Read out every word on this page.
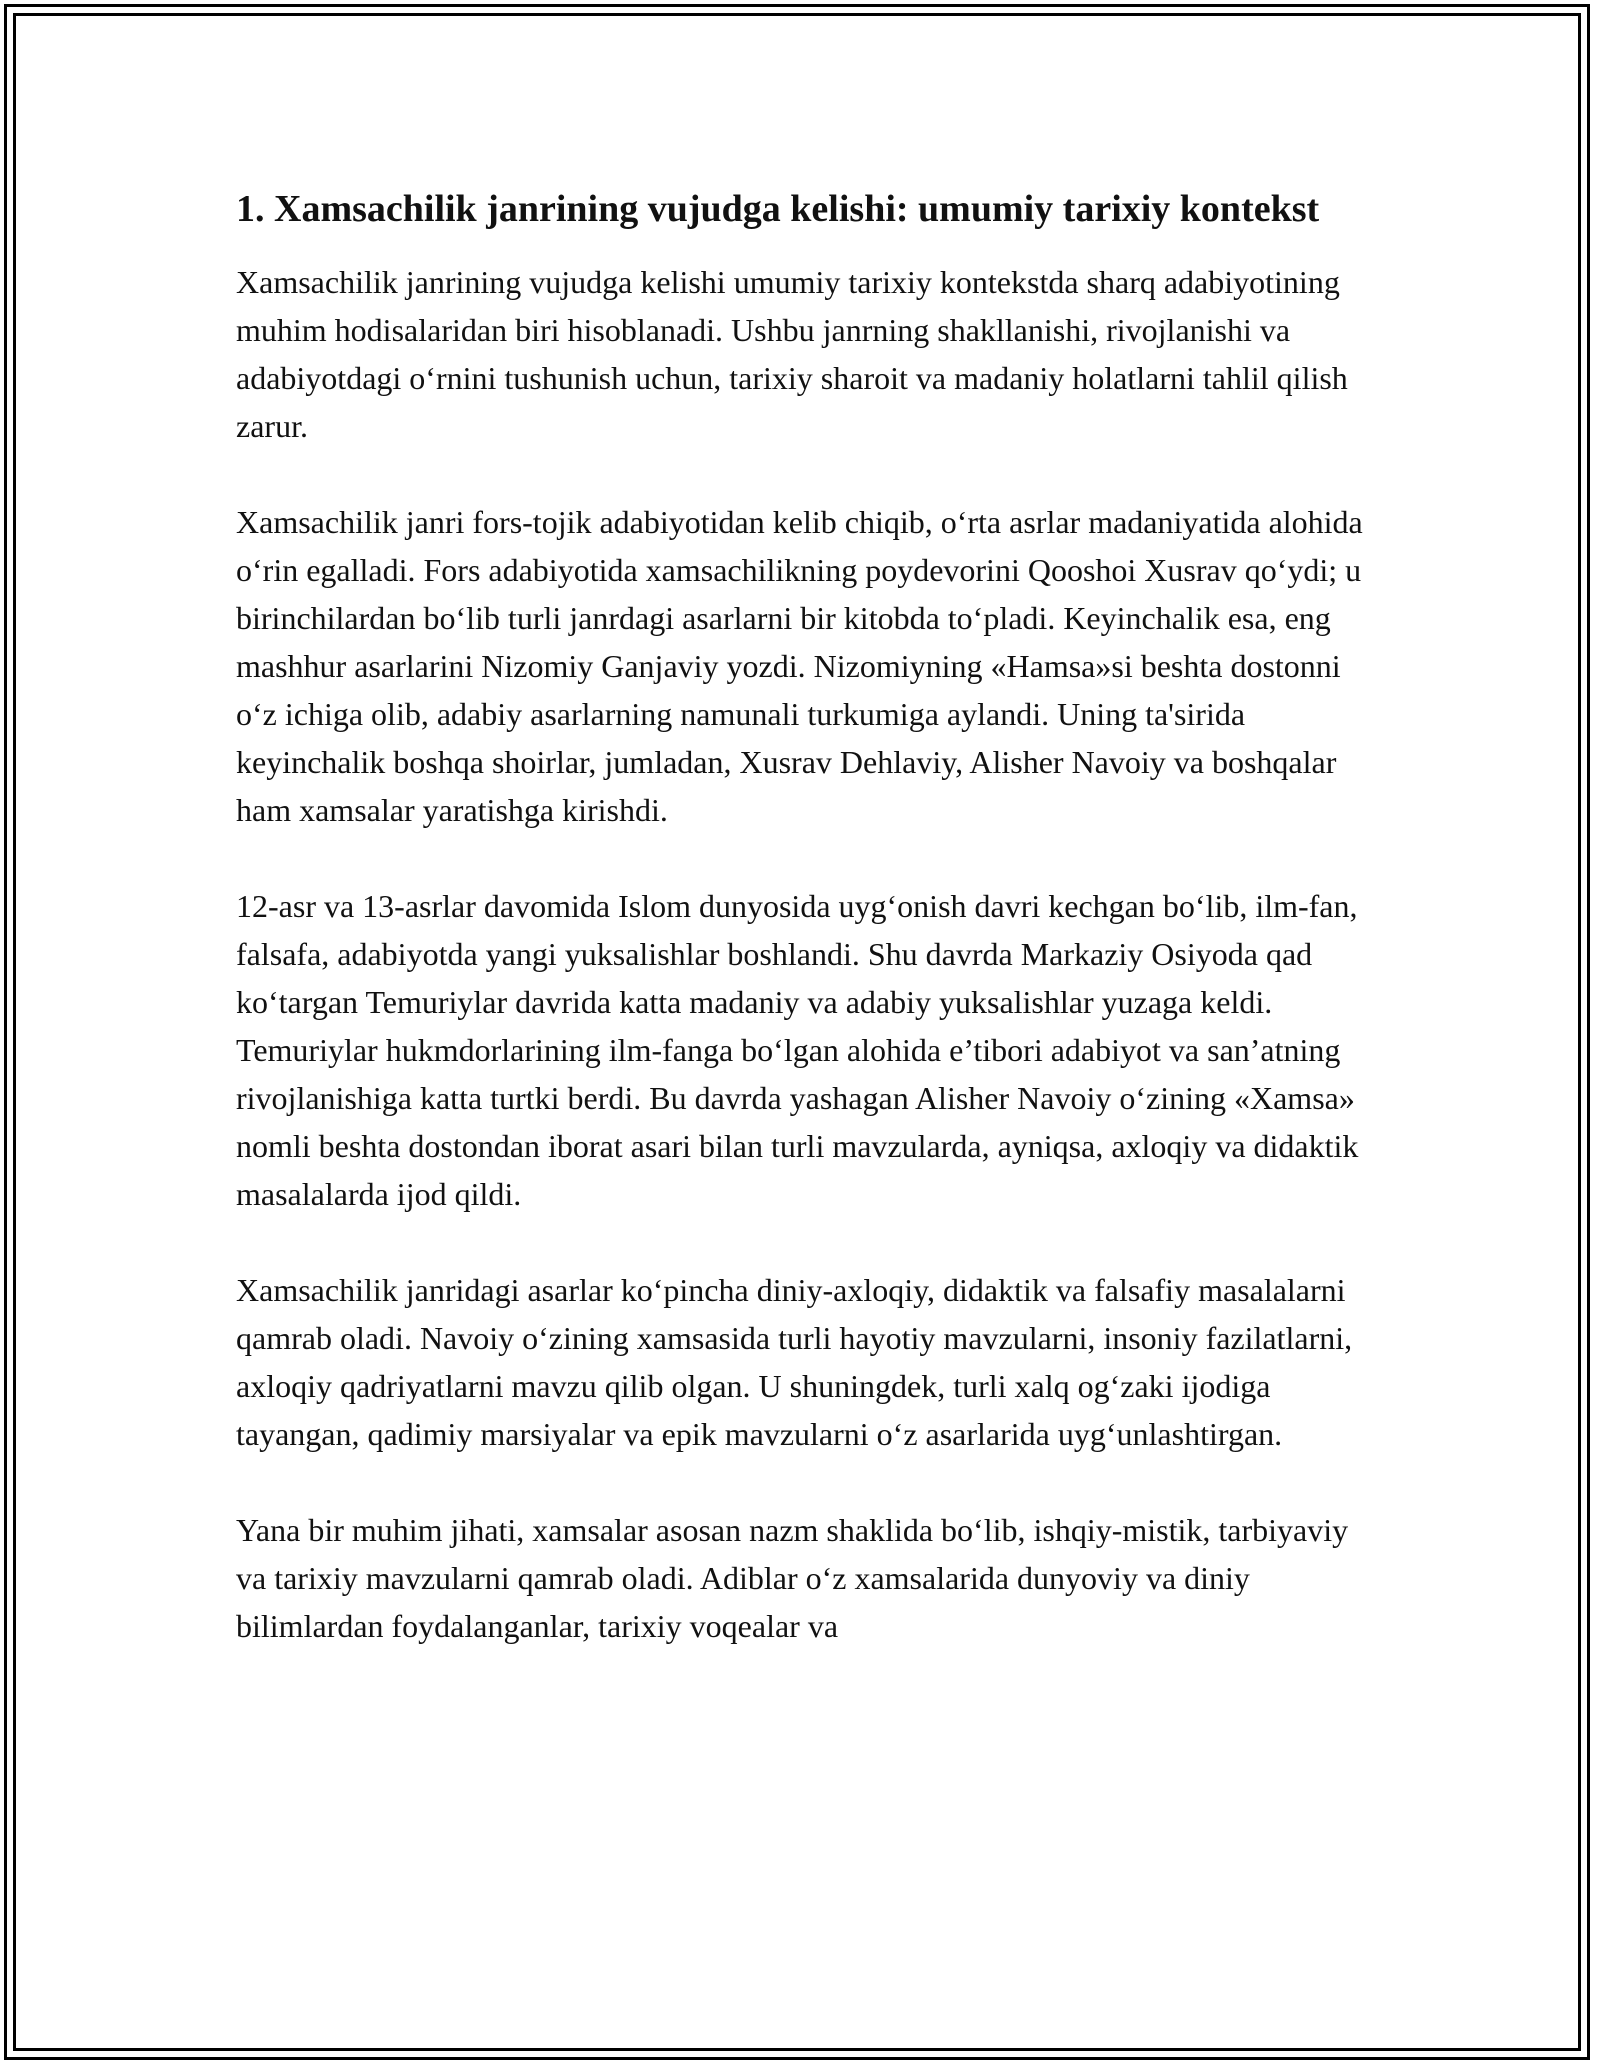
1. Xamsachilik janrining vujudga kelishi: umumiy tarixiy kontekst

Xamsachilik janrining vujudga kelishi umumiy tarixiy kontekstda sharq adabiyotining muhim hodisalaridan biri hisoblanadi. Ushbu janrning shakllanishi, rivojlanishi va adabiyotdagi o‘rnini tushunish uchun, tarixiy sharoit va madaniy holatlarni tahlil qilish zarur.

Xamsachilik janri fors-tojik adabiyotidan kelib chiqib, o‘rta asrlar madaniyatida alohida o‘rin egalladi. Fors adabiyotida xamsachilikning poydevorini Qooshoi Xusrav qo‘ydi; u birinchilardan bo‘lib turli janrdagi asarlarni bir kitobda to‘pladi. Keyinchalik esa, eng mashhur asarlarini Nizomiy Ganjaviy yozdi. Nizomiyning «Hamsa»si beshta dostonni o‘z ichiga olib, adabiy asarlarning namunali turkumiga aylandi. Uning ta'sirida keyinchalik boshqa shoirlar, jumladan, Xusrav Dehlaviy, Alisher Navoiy va boshqalar ham xamsalar yaratishga kirishdi.

12-asr va 13-asrlar davomida Islom dunyosida uyg‘onish davri kechgan bo‘lib, ilm-fan, falsafa, adabiyotda yangi yuksalishlar boshlandi. Shu davrda Markaziy Osiyoda qad ko‘targan Temuriylar davrida katta madaniy va adabiy yuksalishlar yuzaga keldi. Temuriylar hukmdorlarining ilm-fanga bo‘lgan alohida e’tibori adabiyot va san’atning rivojlanishiga katta turtki berdi. Bu davrda yashagan Alisher Navoiy o‘zining «Xamsa» nomli beshta dostondan iborat asari bilan turli mavzularda, ayniqsa, axloqiy va didaktik masalalarda ijod qildi.

Xamsachilik janridagi asarlar ko‘pincha diniy-axloqiy, didaktik va falsafiy masalalarni qamrab oladi. Navoiy o‘zining xamsasida turli hayotiy mavzularni, insoniy fazilatlarni, axloqiy qadriyatlarni mavzu qilib olgan. U shuningdek, turli xalq og‘zaki ijodiga tayangan, qadimiy marsiyalar va epik mavzularni o‘z asarlarida uyg‘unlashtirgan.

Yana bir muhim jihati, xamsalar asosan nazm shaklida bo‘lib, ishqiy-mistik, tarbiyaviy va tarixiy mavzularni qamrab oladi. Adiblar o‘z xamsalarida dunyoviy va diniy bilimlardan foydalanganlar, tarixiy voqealar va
